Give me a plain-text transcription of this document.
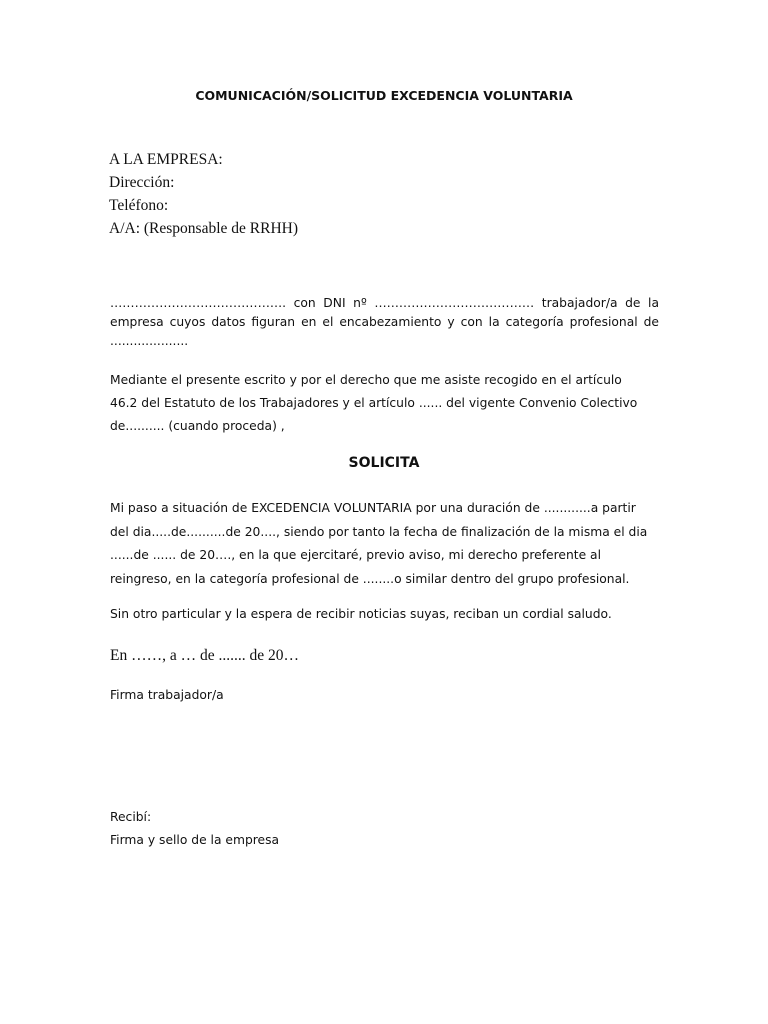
COMUNICACIÓN/SOLICITUD EXCEDENCIA VOLUNTARIA
A LA EMPRESA:
Dirección:
Teléfono:
A/A: (Responsable de RRHH)
……………………………………. con DNI nº ………………………………… trabajador/a de la
empresa cuyos datos figuran en el encabezamiento y con la categoría profesional de
....................
Mediante el presente escrito y por el derecho que me asiste recogido en el artículo
46.2 del Estatuto de los Trabajadores y el artículo ...... del vigente Convenio Colectivo
de.......... (cuando proceda) ,
SOLICITA
Mi paso a situación de EXCEDENCIA VOLUNTARIA por una duración de ............a partir
del dia.....de..........de 20...., siendo por tanto la fecha de finalización de la misma el dia
......de ...... de 20…., en la que ejercitaré, previo aviso, mi derecho preferente al
reingreso, en la categoría profesional de ........o similar dentro del grupo profesional.
Sin otro particular y la espera de recibir noticias suyas, reciban un cordial saludo.
En ……, a … de ....... de 20…
Firma trabajador/a
Recibí:
Firma y sello de la empresa
